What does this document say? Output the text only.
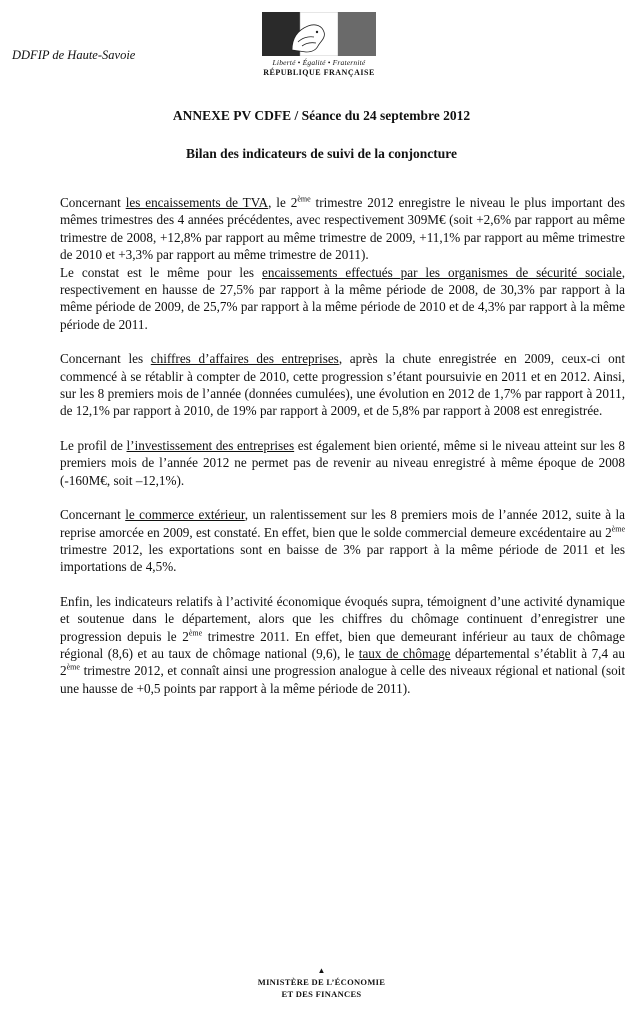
DDFIP de Haute-Savoie
Liberté • Égalité • Fraternité
RÉPUBLIQUE FRANÇAISE
ANNEXE PV CDFE / Séance du 24 septembre 2012
Bilan des indicateurs de suivi de la conjoncture

Concernant les encaissements de TVA, le 2ème trimestre 2012 enregistre le niveau le plus important des mêmes trimestres des 4 années précédentes, avec respectivement 309M€ (soit +2,6% par rapport au même trimestre de 2008, +12,8% par rapport au même trimestre de 2009, +11,1% par rapport au même trimestre de 2010 et +3,3% par rapport au même trimestre de 2011).

Le constat est le même pour les encaissements effectués par les organismes de sécurité sociale, respectivement en hausse de 27,5% par rapport à la même période de 2008, de 30,3% par rapport à la même période de 2009, de 25,7% par rapport à la même période de 2010 et de 4,3% par rapport à la même période de 2011.

Concernant les chiffres d’affaires des entreprises, après la chute enregistrée en 2009, ceux-ci ont commencé à se rétablir à compter de 2010, cette progression s’étant poursuivie en 2011 et en 2012. Ainsi, sur les 8 premiers mois de l’année (données cumulées), une évolution en 2012 de 1,7% par rapport à 2011, de 12,1% par rapport à 2010, de 19% par rapport à 2009, et de 5,8% par rapport à 2008 est enregistrée.

Le profil de l’investissement des entreprises est également bien orienté, même si le niveau atteint sur les 8 premiers mois de l’année 2012 ne permet pas de revenir au niveau enregistré à même époque de 2008 (-160M€, soit –12,1%).

Concernant le commerce extérieur, un ralentissement sur les 8 premiers mois de l’année 2012, suite à la reprise amorcée en 2009, est constaté. En effet, bien que le solde commercial demeure excédentaire au 2ème trimestre 2012, les exportations sont en baisse de 3% par rapport à la même période de 2011 et les importations de 4,5%.

Enfin, les indicateurs relatifs à l’activité économique évoqués supra, témoignent d’une activité dynamique et soutenue dans le département, alors que les chiffres du chômage continuent d’enregistrer une progression depuis le 2ème trimestre 2011. En effet, bien que demeurant inférieur au taux de chômage régional (8,6) et au taux de chômage national (9,6), le taux de chômage départemental s’établit à 7,4 au 2ème trimestre 2012, et connaît ainsi une progression analogue à celle des niveaux régional et national (soit une hausse de +0,5 points par rapport à la même période de 2011).

▲
MINISTÈRE DE L’ÉCONOMIE
ET DES FINANCES
